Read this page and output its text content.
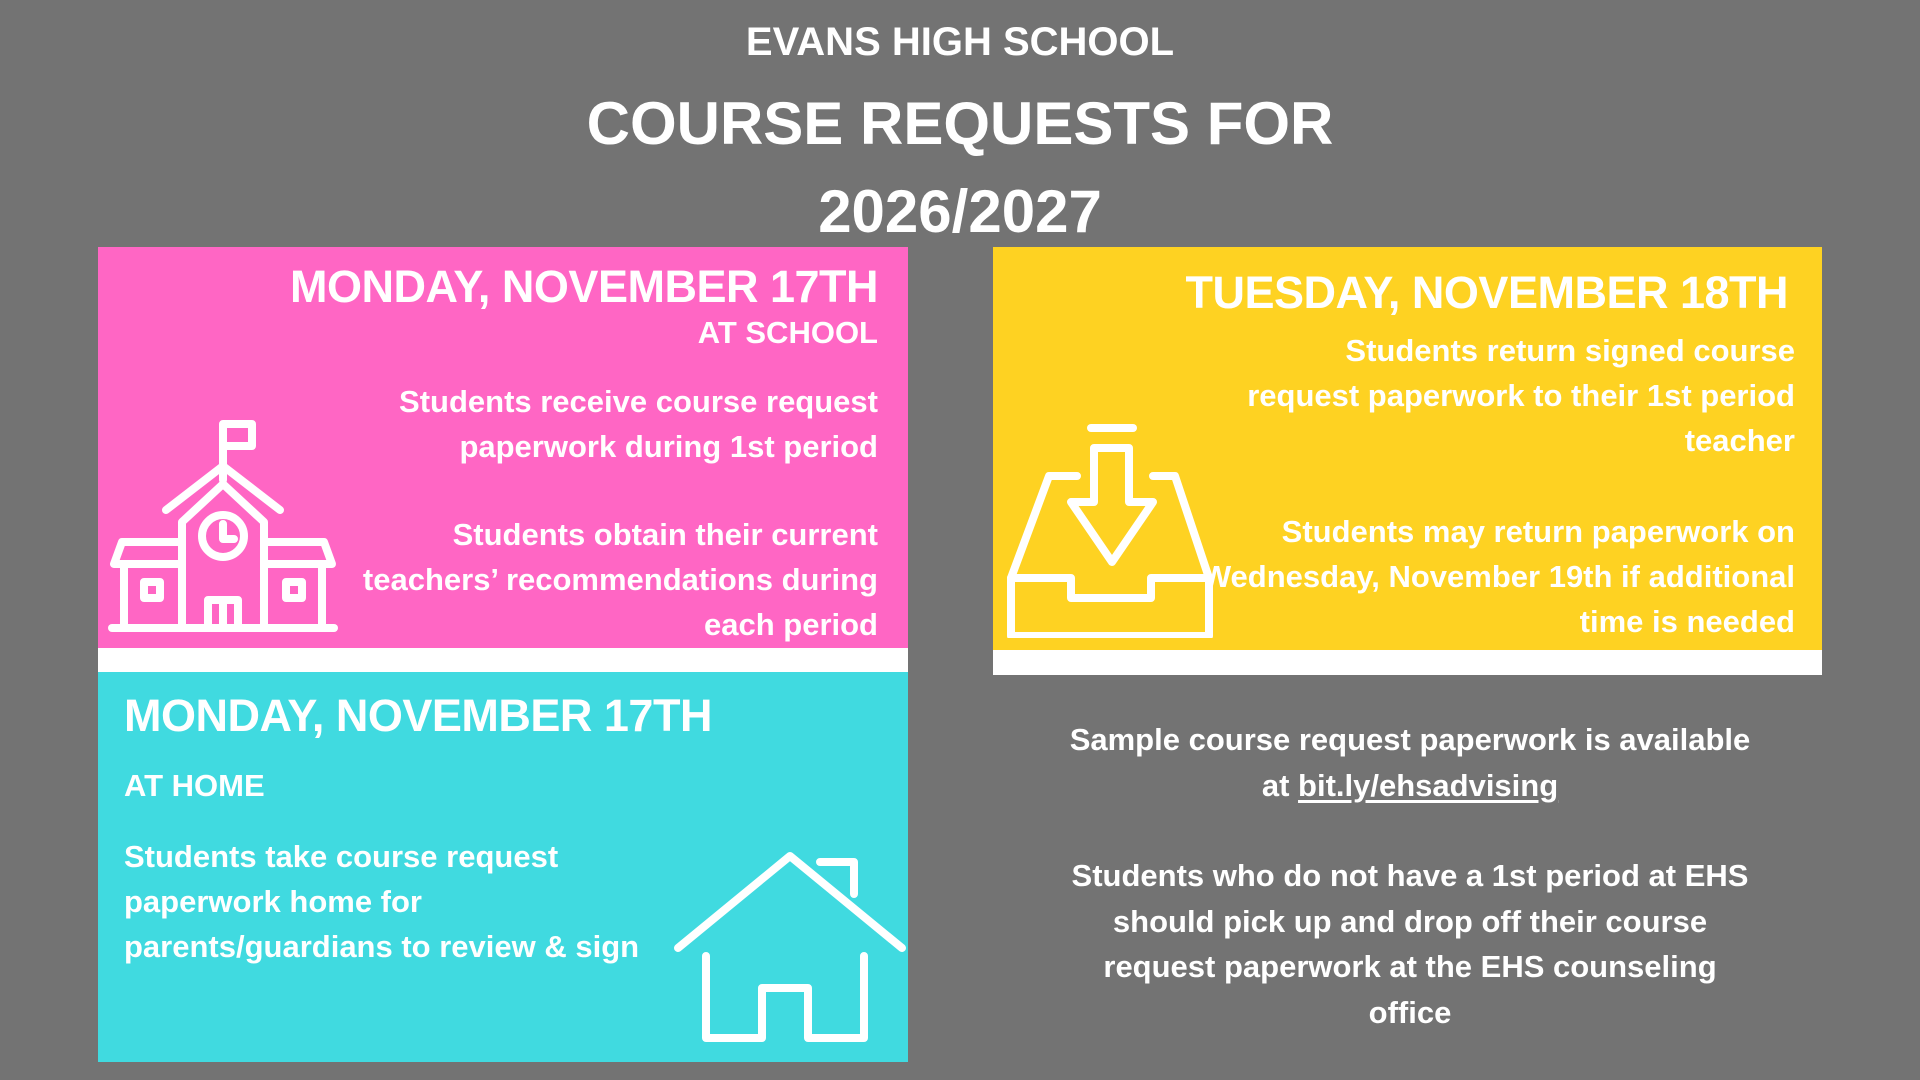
EVANS HIGH SCHOOL
COURSE REQUESTS FOR
2026/2027
MONDAY, NOVEMBER 17TH
AT SCHOOL
Students receive course request paperwork during 1st period
Students obtain their current teachers’ recommendations during each period
MONDAY, NOVEMBER 17TH
AT HOME
Students take course request paperwork home for parents/guardians to review & sign
TUESDAY, NOVEMBER 18TH
Students return signed course request paperwork to their 1st period teacher
Students may return paperwork on Wednesday, November 19th if additional time is needed
Sample course request paperwork is available at bit.ly/ehsadvising
Students who do not have a 1st period at EHS should pick up and drop off their course request paperwork at the EHS counseling office
